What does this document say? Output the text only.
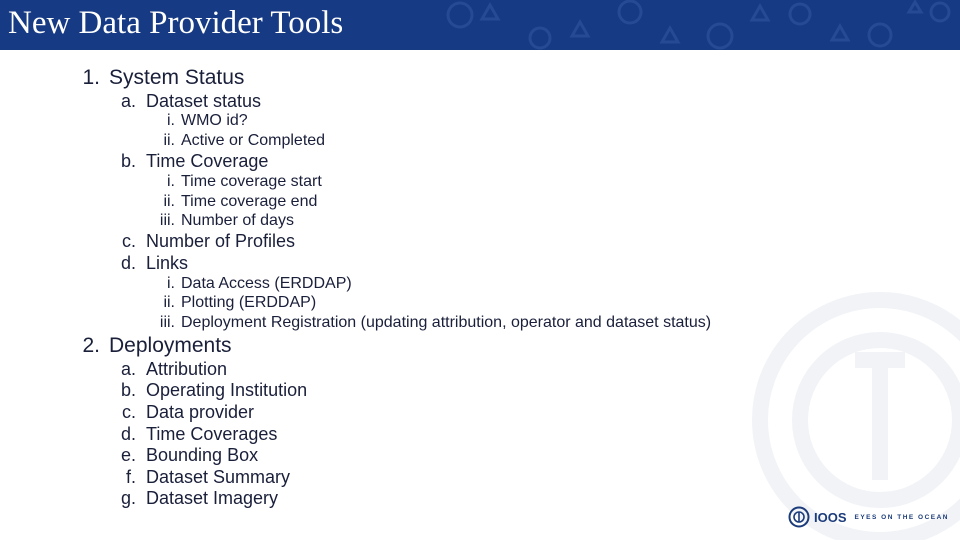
New Data Provider Tools
1. System Status
a. Dataset status
i. WMO id?
ii. Active or Completed
b. Time Coverage
i. Time coverage start
ii. Time coverage end
iii. Number of days
c. Number of Profiles
d. Links
i. Data Access (ERDDAP)
ii. Plotting (ERDDAP)
iii. Deployment Registration (updating attribution, operator and dataset status)
2. Deployments
a. Attribution
b. Operating Institution
c. Data provider
d. Time Coverages
e. Bounding Box
f. Dataset Summary
g. Dataset Imagery
IOOS EYES ON THE OCEAN
